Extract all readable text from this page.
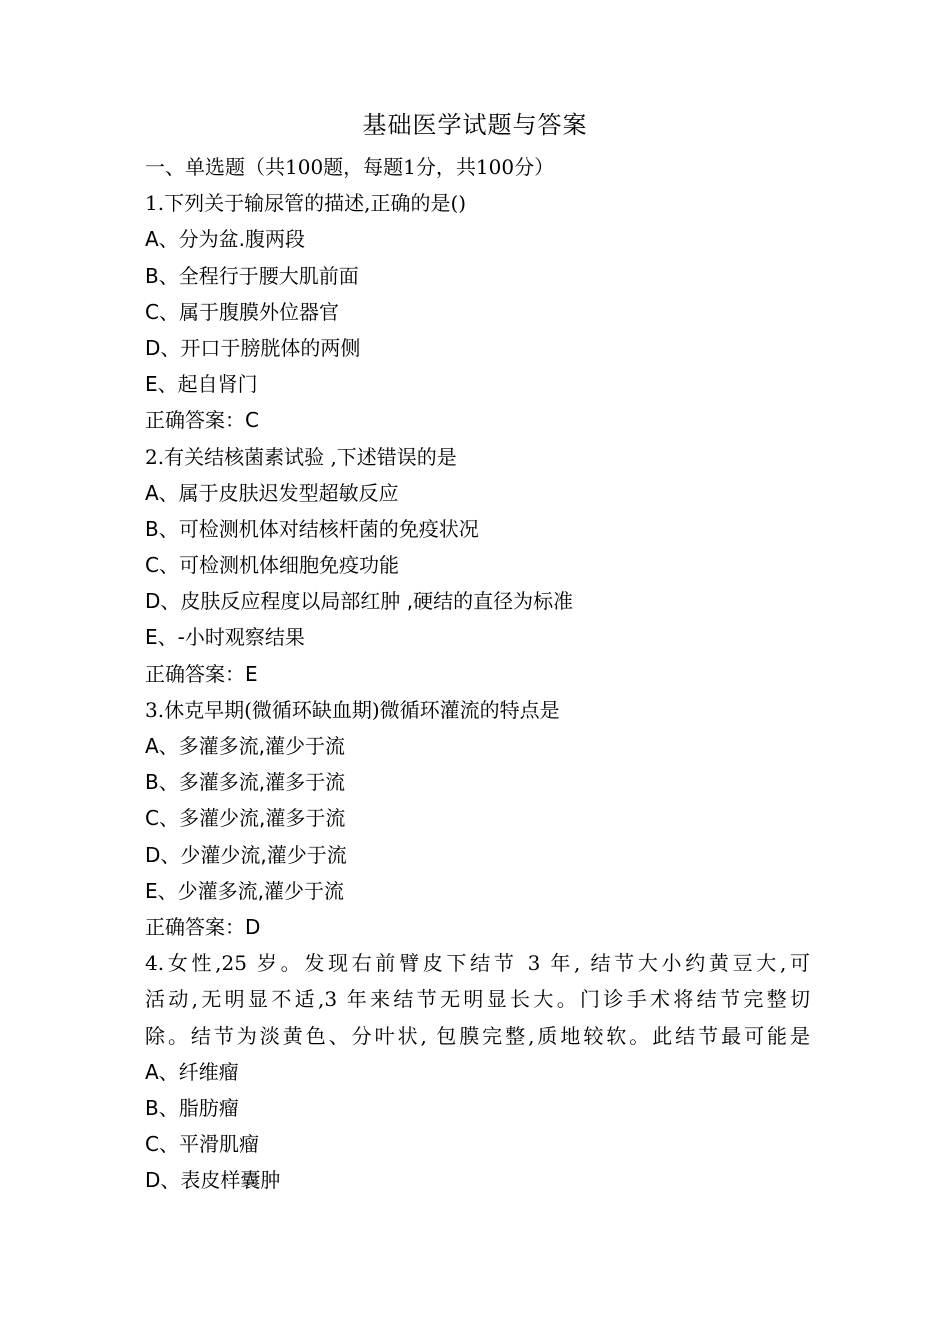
基础医学试题与答案
一、单选题（共100题，每题1分，共100分）
1.下列关于输尿管的描述,正确的是()
A、分为盆.腹两段
B、全程行于腰大肌前面
C、属于腹膜外位器官
D、开口于膀胱体的两侧
E、起自肾门
正确答案：C
2.有关结核菌素试验 ,下述错误的是
A、属于皮肤迟发型超敏反应
B、可检测机体对结核杆菌的免疫状况
C、可检测机体细胞免疫功能
D、皮肤反应程度以局部红肿 ,硬结的直径为标准
E、-小时观察结果
正确答案：E
3.休克早期(微循环缺血期)微循环灌流的特点是
A、多灌多流,灌少于流
B、多灌多流,灌多于流
C、多灌少流,灌多于流
D、少灌少流,灌少于流
E、少灌多流,灌少于流
正确答案：D
4.女性,25 岁。发现右前臂皮下结节 3 年, 结节大小约黄豆大,可
活动,无明显不适,3 年来结节无明显长大。门诊手术将结节完整切
除。结节为淡黄色、分叶状, 包膜完整,质地较软。此结节最可能是
A、纤维瘤
B、脂肪瘤
C、平滑肌瘤
D、表皮样囊肿
